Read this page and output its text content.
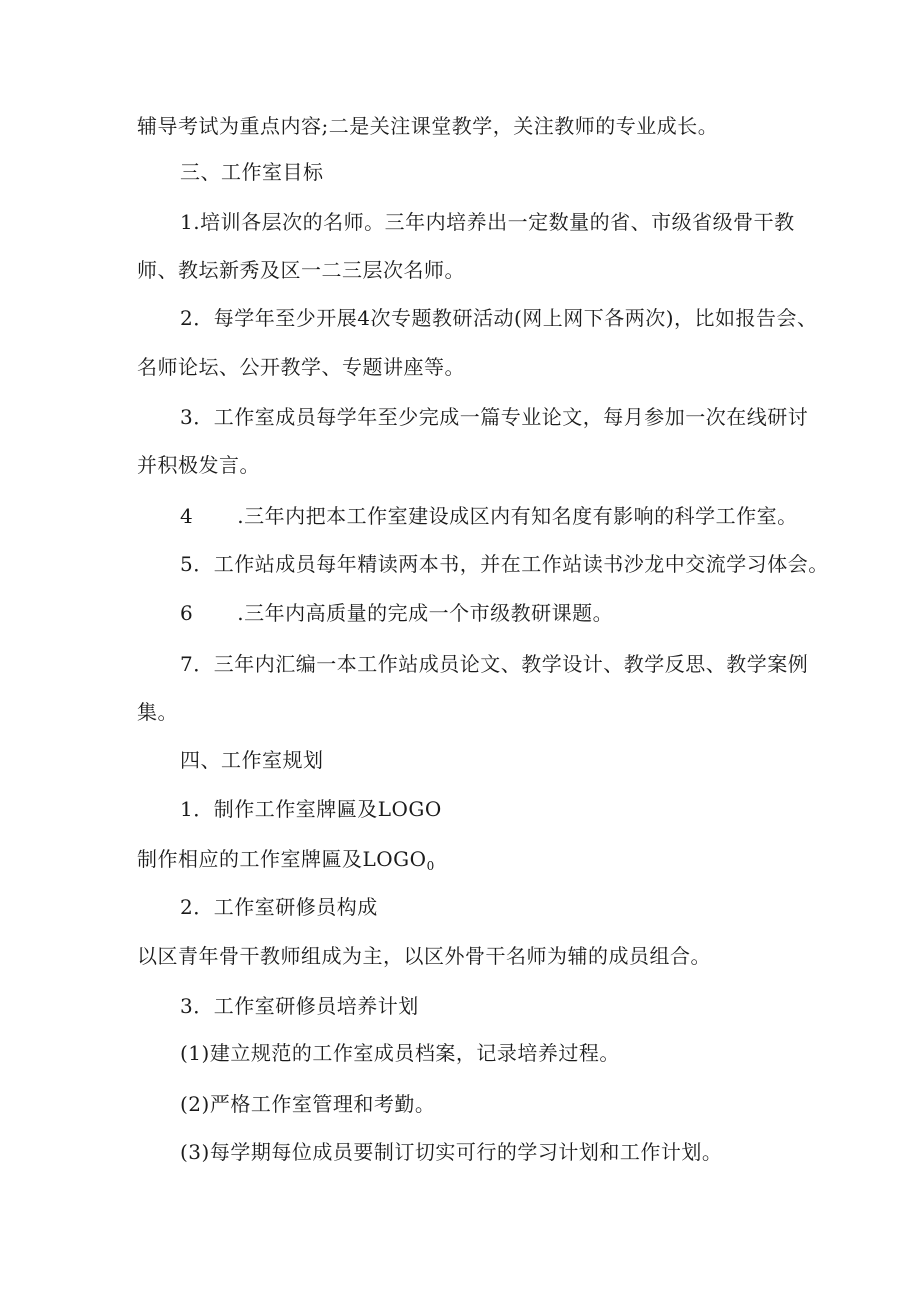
辅导考试为重点内容;二是关注课堂教学，关注教师的专业成长。
三、工作室目标
1.培训各层次的名师。三年内培养出一定数量的省、市级省级骨干教
师、教坛新秀及区一二三层次名师。
2．每学年至少开展4次专题教研活动(网上网下各两次)，比如报告会、
名师论坛、公开教学、专题讲座等。
3．工作室成员每学年至少完成一篇专业论文，每月参加一次在线研讨
并积极发言。
4 .三年内把本工作室建设成区内有知名度有影响的科学工作室。
5．工作站成员每年精读两本书，并在工作站读书沙龙中交流学习体会。
6 .三年内高质量的完成一个市级教研课题。
7．三年内汇编一本工作站成员论文、教学设计、教学反思、教学案例
集。
四、工作室规划
1．制作工作室牌匾及LOGO
制作相应的工作室牌匾及$LOGO_0$
2．工作室研修员构成
以区青年骨干教师组成为主，以区外骨干名师为辅的成员组合。
3．工作室研修员培养计划
(1)建立规范的工作室成员档案，记录培养过程。
(2)严格工作室管理和考勤。
(3)每学期每位成员要制订切实可行的学习计划和工作计划。
